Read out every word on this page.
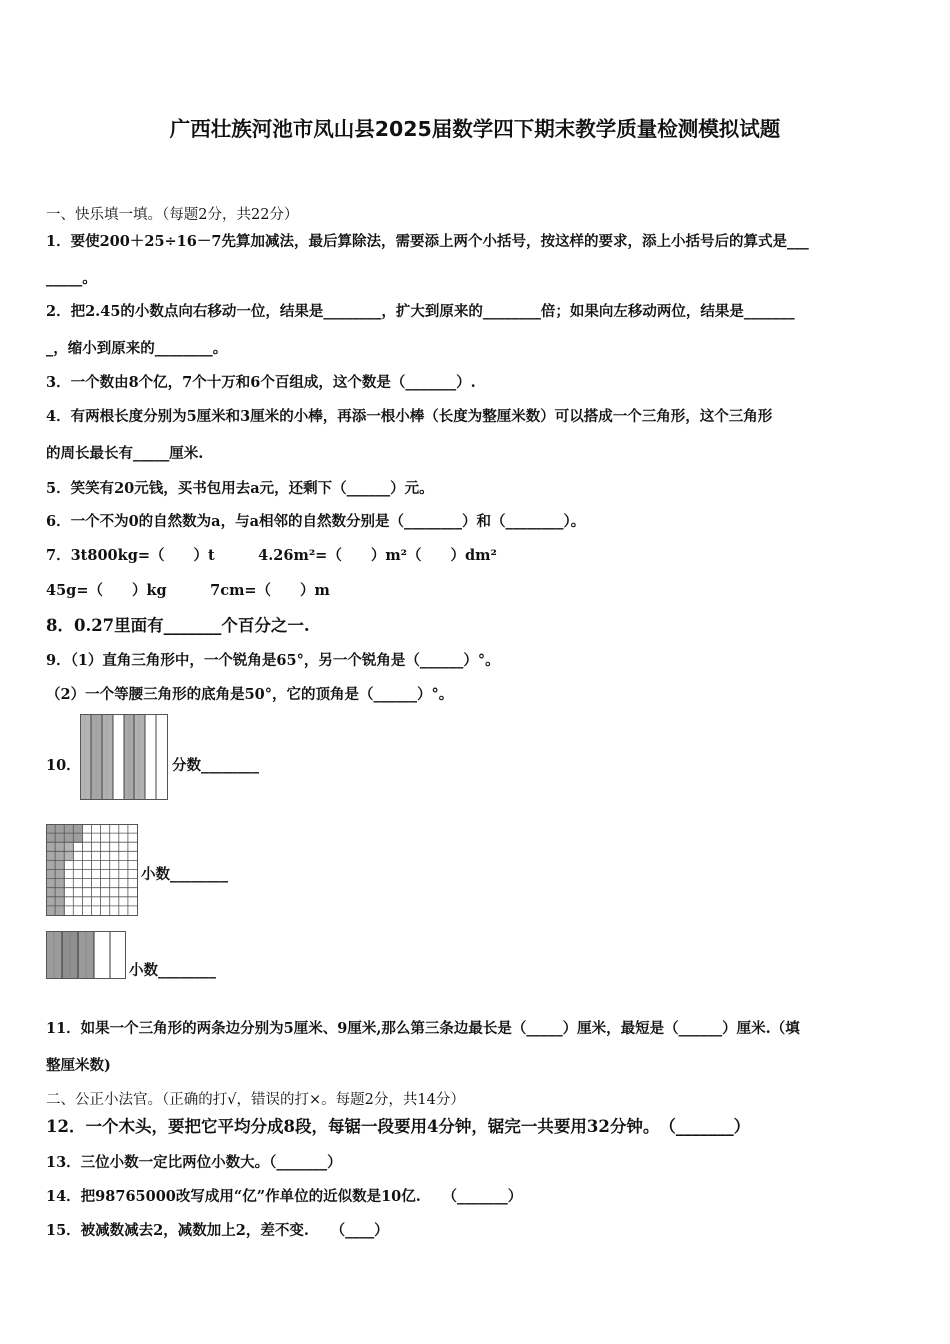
广西壮族河池市凤山县2025届数学四下期末教学质量检测模拟试题
一、快乐填一填。（每题2分，共22分）
1．要使200＋25÷16－7先算加减法，最后算除法，需要添上两个小括号，按这样的要求，添上小括号后的算式是___
_____。
2．把2.45的小数点向右移动一位，结果是________，扩大到原来的________倍；如果向左移动两位，结果是_______
_，缩小到原来的________。
3．一个数由8个亿，7个十万和6个百组成，这个数是（_______）.
4．有两根长度分别为5厘米和3厘米的小棒，再添一根小棒（长度为整厘米数）可以搭成一个三角形，这个三角形
的周长最长有_____厘米.
5．笑笑有20元钱，买书包用去a元，还剩下（______）元。
6．一个不为0的自然数为a，与a相邻的自然数分别是（________）和（________）。
7．3t800kg=（　　）t　　　4.26m²=（　　）m²（　　）dm²
45g=（　　）kg　　　7cm=（　　）m
8．0.27里面有_______个百分之一.
9．（1）直角三角形中，一个锐角是65°，另一个锐角是（______）°。
（2）一个等腰三角形的底角是50°，它的顶角是（______）°。
10．	分数________
小数________
小数________
11．如果一个三角形的两条边分别为5厘米、9厘米,那么第三条边最长是（_____）厘米，最短是（______）厘米.（填
整厘米数)
二、公正小法官。（正确的打√，错误的打×。每题2分，共14分）
12．一个木头，要把它平均分成8段，每锯一段要用4分钟，锯完一共要用32分钟。　（_______）
13．三位小数一定比两位小数大。（_______）
14．把98765000改写成用“亿”作单位的近似数是10亿.　　（_______）
15．被减数减去2，减数加上2，差不变.　　（____）
